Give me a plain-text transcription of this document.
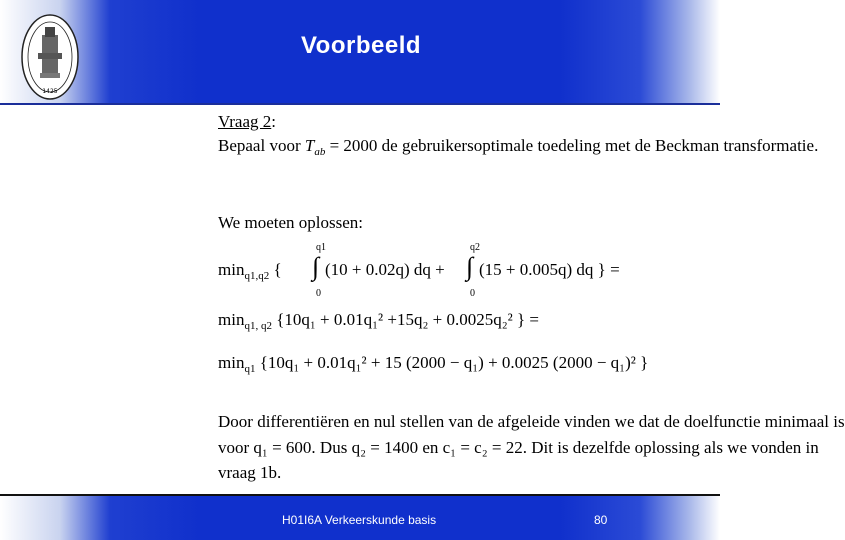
Voorbeeld
1425
Vraag 2:
Bepaal voor $T_{ab} = 2000$ de gebruikersoptimale toedeling met de Beckman transformatie.
We moeten oplossen:
$\min_{q1,q2}$ { ∫
q1
0
(10 + 0.02q) dq + ∫
q2
0
(15 + 0.005q) dq } =
$\min_{q1, q2} \{10q_1 + 0.01q_1^2 +15q_2 + 0.0025q_2^2$ } =
$\min_{q1} \{10q_1 + 0.01q_1^2 + 15$ (2000 − q₁) + 0.0025 (2000 − q₁)² }
Door differentiëren en nul stellen van de afgeleide vinden we dat de doelfunctie minimaal is
voor q₁ = 600. Dus q₂ = 1400 en c₁ = c₂ = 22. Dit is dezelfde oplossing als we vonden in
vraag 1b.
H01I6A Verkeerskunde basis	80
